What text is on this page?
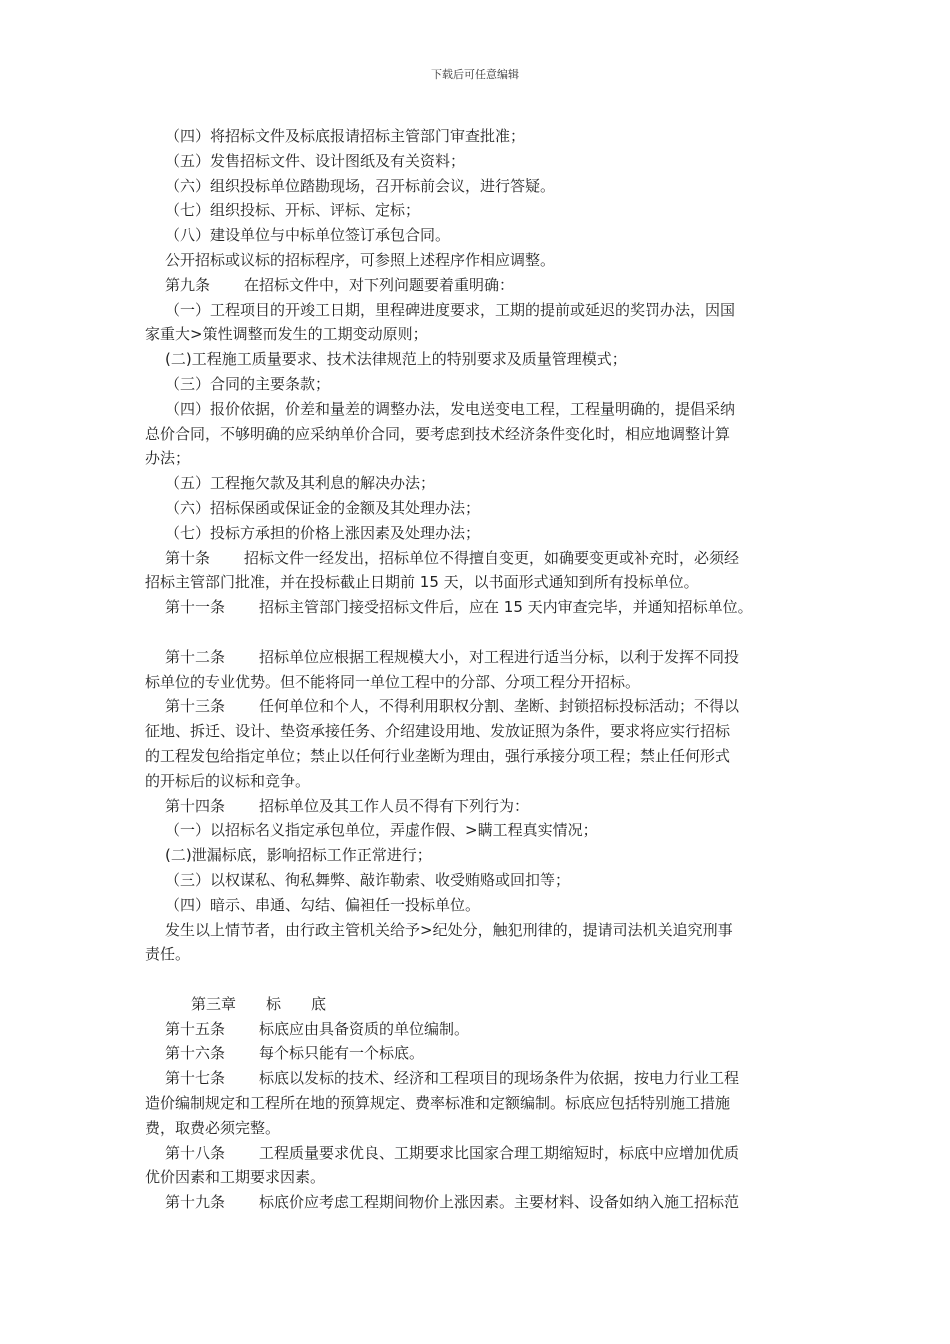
下载后可任意编辑
（四）将招标文件及标底报请招标主管部门审查批准；
（五）发售招标文件、设计图纸及有关资料；
（六）组织投标单位踏勘现场，召开标前会议，进行答疑。
（七）组织投标、开标、评标、定标；
（八）建设单位与中标单位签订承包合同。
公开招标或议标的招标程序，可参照上述程序作相应调整。
第九条 在招标文件中，对下列问题要着重明确：
（一）工程项目的开竣工日期，里程碑进度要求，工期的提前或延迟的奖罚办法，因国
家重大>策性调整而发生的工期变动原则；
(二)工程施工质量要求、技术法律规范上的特别要求及质量管理模式；
（三）合同的主要条款；
（四）报价依据，价差和量差的调整办法，发电送变电工程，工程量明确的，提倡采纳
总价合同，不够明确的应采纳单价合同，要考虑到技术经济条件变化时，相应地调整计算
办法；
（五）工程拖欠款及其利息的解决办法；
（六）招标保函或保证金的金额及其处理办法；
（七）投标方承担的价格上涨因素及处理办法；
第十条 招标文件一经发出，招标单位不得擅自变更，如确要变更或补充时，必须经
招标主管部门批准，并在投标截止日期前 15 天，以书面形式通知到所有投标单位。
第十一条 招标主管部门接受招标文件后，应在 15 天内审查完毕，并通知招标单位。
第十二条 招标单位应根据工程规模大小，对工程进行适当分标，以利于发挥不同投
标单位的专业优势。但不能将同一单位工程中的分部、分项工程分开招标。
第十三条 任何单位和个人，不得利用职权分割、垄断、封锁招标投标活动；不得以
征地、拆迁、设计、垫资承接任务、介绍建设用地、发放证照为条件，要求将应实行招标
的工程发包给指定单位；禁止以任何行业垄断为理由，强行承接分项工程；禁止任何形式
的开标后的议标和竞争。
第十四条 招标单位及其工作人员不得有下列行为：
（一）以招标名义指定承包单位，弄虚作假、>瞒工程真实情况；
(二)泄漏标底，影响招标工作正常进行；
（三）以权谋私、徇私舞弊、敲诈勒索、收受贿赂或回扣等；
（四）暗示、串通、勾结、偏袒任一投标单位。
发生以上情节者，由行政主管机关给予>纪处分，触犯刑律的，提请司法机关追究刑事
责任。
第三章 标 底
第十五条 标底应由具备资质的单位编制。
第十六条 每个标只能有一个标底。
第十七条 标底以发标的技术、经济和工程项目的现场条件为依据，按电力行业工程
造价编制规定和工程所在地的预算规定、费率标准和定额编制。标底应包括特别施工措施
费，取费必须完整。
第十八条 工程质量要求优良、工期要求比国家合理工期缩短时，标底中应增加优质
优价因素和工期要求因素。
第十九条 标底价应考虑工程期间物价上涨因素。主要材料、设备如纳入施工招标范
